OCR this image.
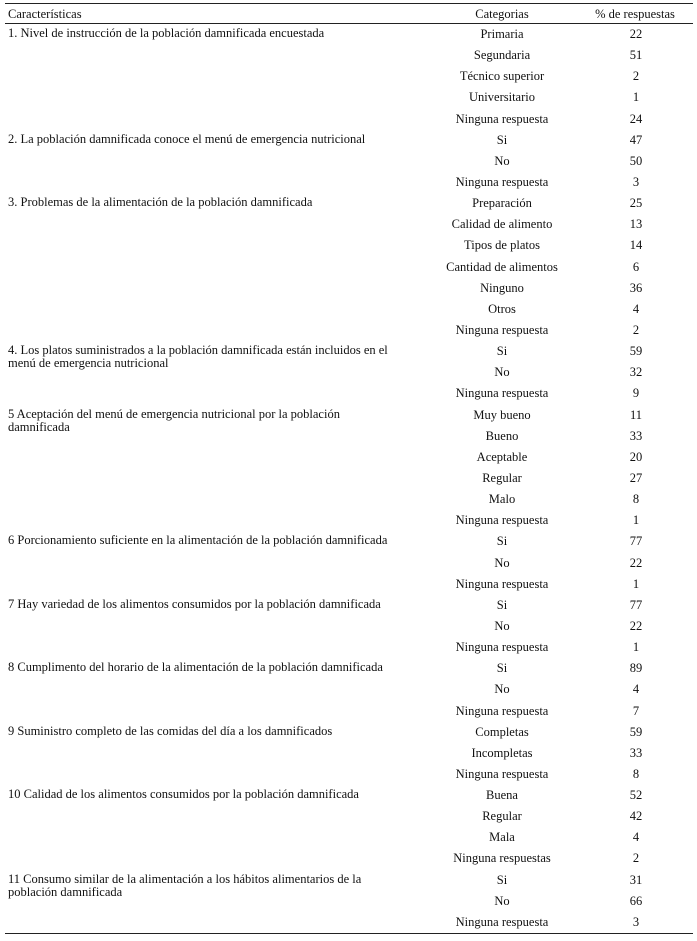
Características	Categorias	% de respuestas
1. Nivel de instrucción de la población damnificada encuestada	Primaria	22
Segundaria	51
Técnico superior	2
Universitario	1
Ninguna respuesta	24
2. La población damnificada conoce el menú de emergencia nutricional	Si	47
No	50
Ninguna respuesta	3
3. Problemas de la alimentación de la población damnificada	Preparación	25
Calidad de alimento	13
Tipos de platos	14
Cantidad de alimentos	6
Ninguno	36
Otros	4
Ninguna respuesta	2
4. Los platos suministrados a la población damnificada están incluidos en el menú de emergencia nutricional
Si	59
No	32
Ninguna respuesta	9
5 Aceptación del menú de emergencia nutricional por la población damnificada
Muy bueno	11
Bueno	33
Aceptable	20
Regular	27
Malo	8
Ninguna respuesta	1
6 Porcionamiento suficiente en la alimentación de la población damnificada	Si	77
No	22
Ninguna respuesta	1
7 Hay variedad de los alimentos consumidos por la población damnificada	Si	77
No	22
Ninguna respuesta	1
8 Cumplimento del horario de la alimentación de la población damnificada	Si	89
No	4
Ninguna respuesta	7
9 Suministro completo de las comidas del día a los damnificados	Completas	59
Incompletas	33
Ninguna respuesta	8
10 Calidad de los alimentos consumidos por la población damnificada	Buena	52
Regular	42
Mala	4
Ninguna respuestas	2
11 Consumo similar de la alimentación a los hábitos alimentarios de la población damnificada
Si	31
No	66
Ninguna respuesta	3
